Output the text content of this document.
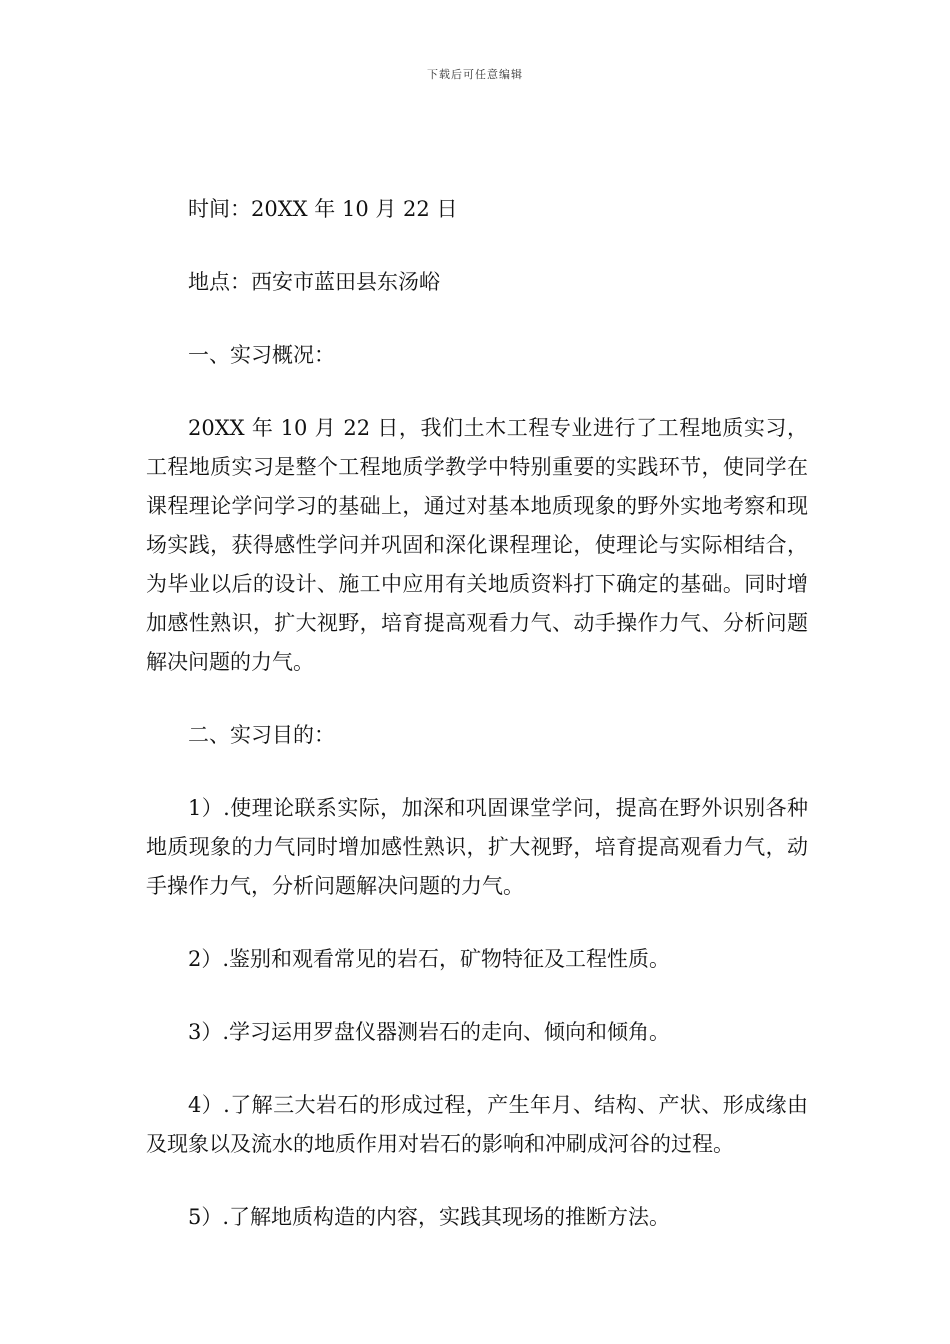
下载后可任意编辑

时间：20XX 年 10 月 22 日

地点：西安市蓝田县东汤峪

一、实习概况：

20XX 年 10 月 22 日，我们土木工程专业进行了工程地质实习，工程地质实习是整个工程地质学教学中特别重要的实践环节，使同学在课程理论学问学习的基础上，通过对基本地质现象的野外实地考察和现场实践，获得感性学问并巩固和深化课程理论，使理论与实际相结合，为毕业以后的设计、施工中应用有关地质资料打下确定的基础。同时增加感性熟识，扩大视野，培育提高观看力气、动手操作力气、分析问题解决问题的力气。

二、实习目的：

1）.使理论联系实际，加深和巩固课堂学问，提高在野外识别各种地质现象的力气同时增加感性熟识，扩大视野，培育提高观看力气，动手操作力气，分析问题解决问题的力气。

2）.鉴别和观看常见的岩石，矿物特征及工程性质。

3）.学习运用罗盘仪器测岩石的走向、倾向和倾角。

4）.了解三大岩石的形成过程，产生年月、结构、产状、形成缘由及现象以及流水的地质作用对岩石的影响和冲刷成河谷的过程。

5）.了解地质构造的内容，实践其现场的推断方法。
